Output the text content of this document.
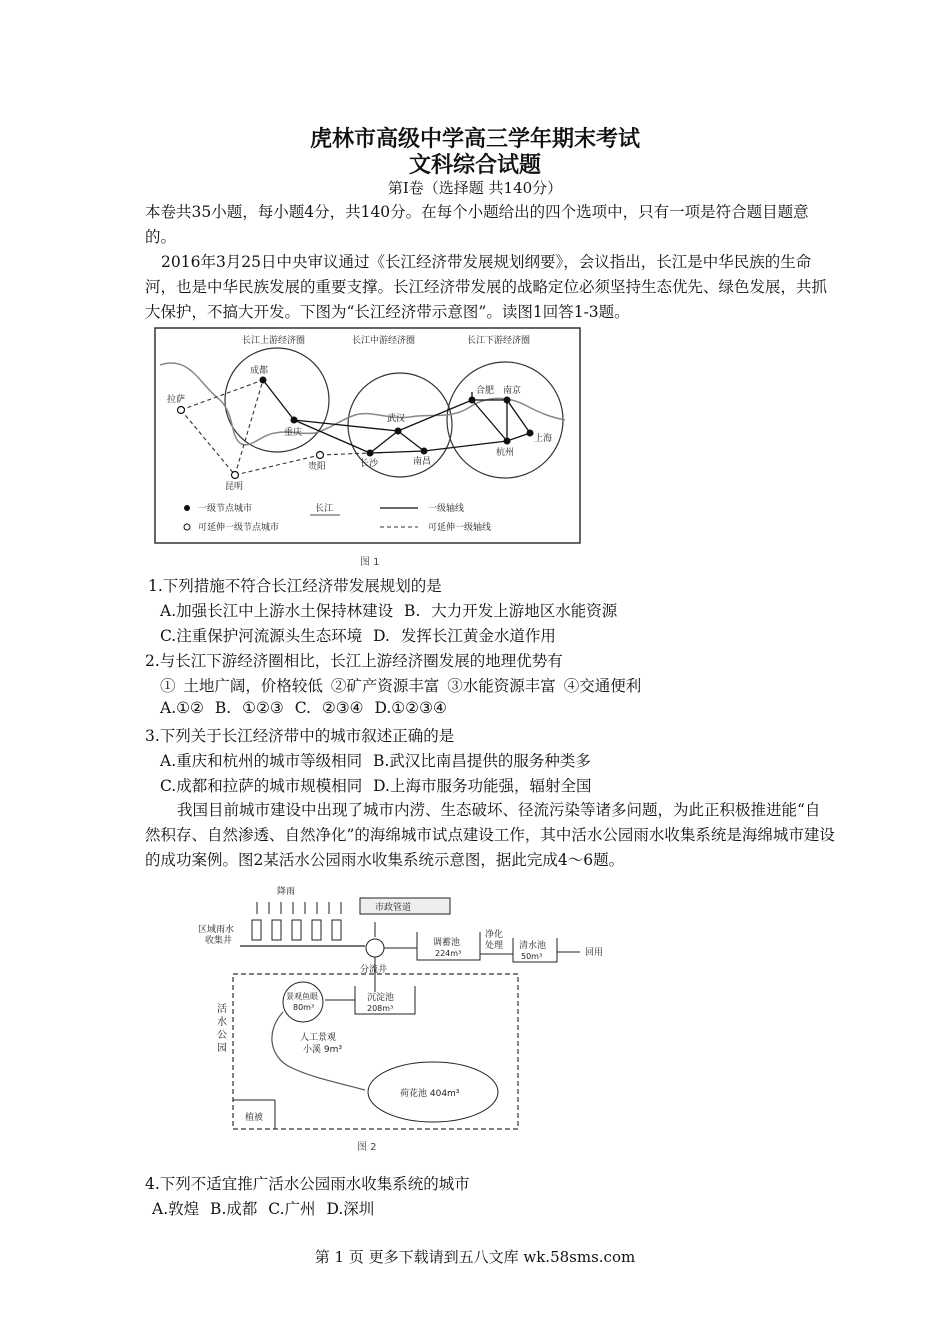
虎林市高级中学高三学年期末考试
文科综合试题
第Ⅰ卷（选择题 共140分）

本卷共35小题，每小题4分，共140分。在每个小题给出的四个选项中，只有一项是符合题目题意的。

2016年3月25日中央审议通过《长江经济带发展规划纲要》，会议指出，长江是中华民族的生命河，也是中华民族发展的重要支撑。长江经济带发展的战略定位必须坚持生态优先、绿色发展，共抓大保护，不搞大开发。下图为“长江经济带示意图”。读图1回答1-3题。

长江上游经济圈	长江中游经济圈	长江下游经济圈
成都
重庆
拉萨
昆明
贵阳
武汉
长沙	南昌
合肥 南京
杭州
上海
一级节点城市
可延伸一级节点城市
长江	一级轴线
可延伸一级轴线
图 1
1.下列措施不符合长江经济带发展规划的是
A.加强长江中上游水土保持林建设 B. 大力开发上游地区水能资源
C.注重保护河流源头生态环境 D. 发挥长江黄金水道作用
2.与长江下游经济圈相比，长江上游经济圈发展的地理优势有
① 土地广阔，价格较低 ②矿产资源丰富 ③水能资源丰富 ④交通便利
A.①② B. ①②③ C. ②③④ D.①②③④
3.下列关于长江经济带中的城市叙述正确的是
A.重庆和杭州的城市等级相同 B.武汉比南昌提供的服务种类多
C.成都和拉萨的城市规模相同 D.上海市服务功能强，辐射全国

我国目前城市建设中出现了城市内涝、生态破坏、径流污染等诸多问题，为此正积极推进能“自然积存、自然渗透、自然净化”的海绵城市试点建设工作，其中活水公园雨水收集系统是海绵城市建设的成功案例。图2某活水公园雨水收集系统示意图，据此完成4～6题。

降雨
区域雨水
收集井
市政管道
分流井
调蓄池
224m³
净化
处理 清水池
50m³	回用
活
水
公
园
沉淀池
208m³
景观鱼眼
80m³
人工景观
小溪 9m³
荷花池 404m³
植被
图 2
4.下列不适宜推广活水公园雨水收集系统的城市
A.敦煌 B.成都 C.广州 D.深圳
第 1 页 更多下载请到五八文库 wk.58sms.com
